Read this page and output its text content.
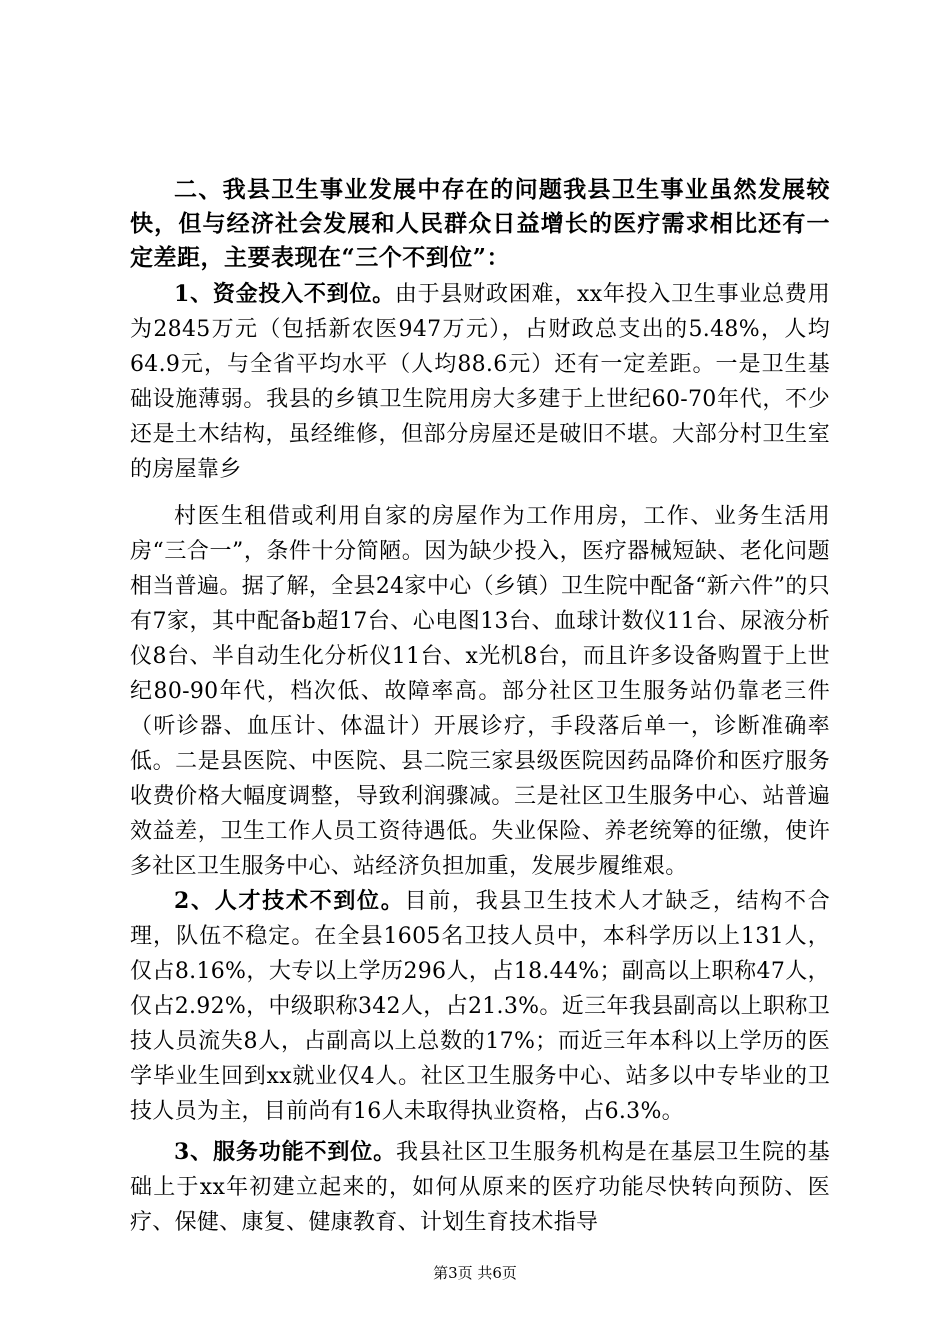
二、我县卫生事业发展中存在的问题我县卫生事业虽然发展较快，但与经济社会发展和人民群众日益增长的医疗需求相比还有一定差距，主要表现在“三个不到位”：

1、资金投入不到位。由于县财政困难，xx年投入卫生事业总费用为2845万元（包括新农医947万元），占财政总支出的5.48%，人均64.9元，与全省平均水平（人均88.6元）还有一定差距。一是卫生基础设施薄弱。我县的乡镇卫生院用房大多建于上世纪60-70年代，不少还是土木结构，虽经维修，但部分房屋还是破旧不堪。大部分村卫生室的房屋靠乡

村医生租借或利用自家的房屋作为工作用房，工作、业务生活用房“三合一”，条件十分简陋。因为缺少投入，医疗器械短缺、老化问题相当普遍。据了解，全县24家中心（乡镇）卫生院中配备“新六件”的只有7家，其中配备b超17台、心电图13台、血球计数仪11台、尿液分析仪8台、半自动生化分析仪11台、x光机8台，而且许多设备购置于上世纪80-90年代，档次低、故障率高。部分社区卫生服务站仍靠老三件（听诊器、血压计、体温计）开展诊疗，手段落后单一，诊断准确率低。二是县医院、中医院、县二院三家县级医院因药品降价和医疗服务收费价格大幅度调整，导致利润骤减。三是社区卫生服务中心、站普遍效益差，卫生工作人员工资待遇低。失业保险、养老统筹的征缴，使许多社区卫生服务中心、站经济负担加重，发展步履维艰。

2、人才技术不到位。目前，我县卫生技术人才缺乏，结构不合理，队伍不稳定。在全县1605名卫技人员中，本科学历以上131人，仅占8.16%，大专以上学历296人，占18.44%；副高以上职称47人，仅占2.92%，中级职称342人，占21.3%。近三年我县副高以上职称卫技人员流失8人，占副高以上总数的17%；而近三年本科以上学历的医学毕业生回到xx就业仅4人。社区卫生服务中心、站多以中专毕业的卫技人员为主，目前尚有16人未取得执业资格，占6.3%。

3、服务功能不到位。我县社区卫生服务机构是在基层卫生院的基础上于xx年初建立起来的，如何从原来的医疗功能尽快转向预防、医疗、保健、康复、健康教育、计划生育技术指导

第3页 共6页
